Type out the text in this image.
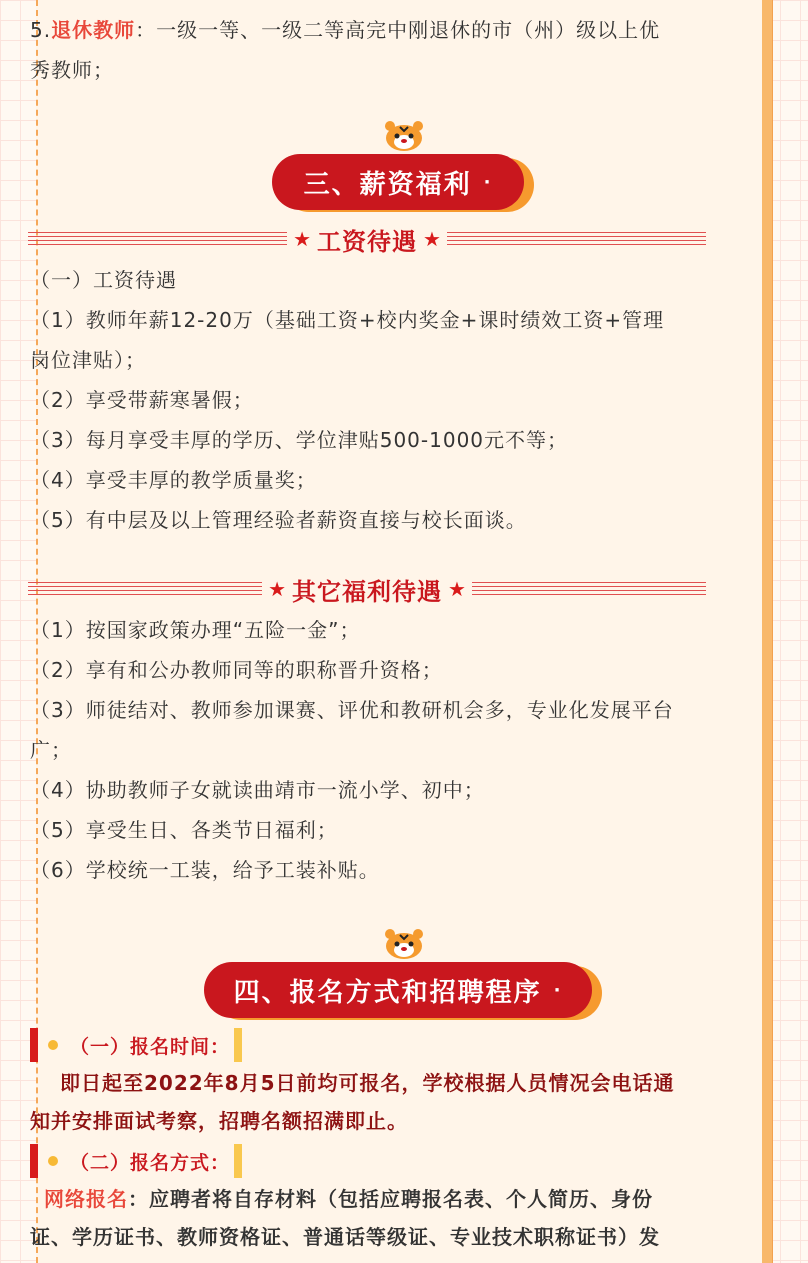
5.退休教师：一级一等、一级二等高完中刚退休的市（州）级以上优
秀教师；
三、薪资福利 ·
★ 工资待遇 ★
（一）工资待遇
（1）教师年薪12-20万（基础工资+校内奖金+课时绩效工资+管理
岗位津贴）；
（2）享受带薪寒暑假；
（3）每月享受丰厚的学历、学位津贴500-1000元不等；
（4）享受丰厚的教学质量奖；
（5）有中层及以上管理经验者薪资直接与校长面谈。
★ 其它福利待遇 ★
（1）按国家政策办理“五险一金”；
（2）享有和公办教师同等的职称晋升资格；
（3）师徒结对、教师参加课赛、评优和教研机会多，专业化发展平台
广；
（4）协助教师子女就读曲靖市一流小学、初中；
（5）享受生日、各类节日福利；
（6）学校统一工装，给予工装补贴。
四、报名方式和招聘程序 ·
（一）报名时间：
即日起至2022年8月5日前均可报名，学校根据人员情况会电话通
知并安排面试考察，招聘名额招满即止。
（二）报名方式：
网络报名：应聘者将自存材料（包括应聘报名表、个人简历、身份
证、学历证书、教师资格证、普通话等级证、专业技术职称证书）发
